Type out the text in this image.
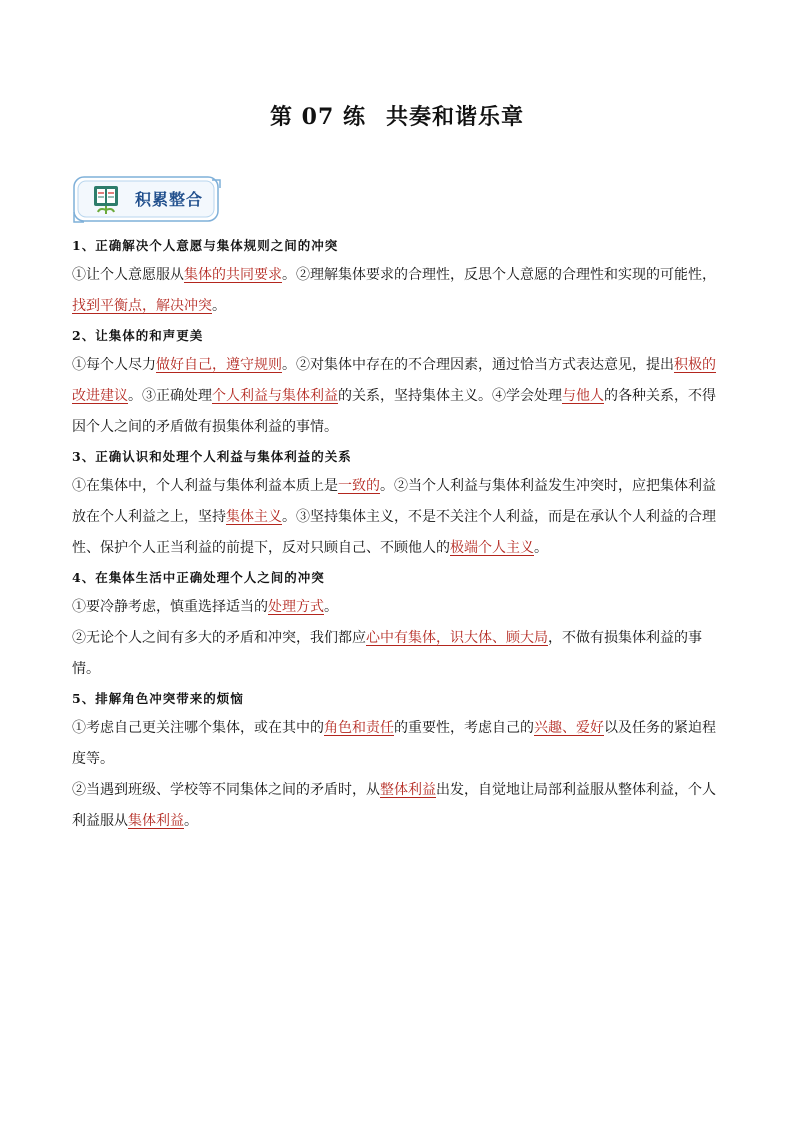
第 07 练 共奏和谐乐章
积累整合
1、正确解决个人意愿与集体规则之间的冲突

①让个人意愿服从集体的共同要求。②理解集体要求的合理性，反思个人意愿的合理性和实现的可能性，找到平衡点，解决冲突。

2、让集体的和声更美

①每个人尽力做好自己，遵守规则。②对集体中存在的不合理因素，通过恰当方式表达意见，提出积极的改进建议。③正确处理个人利益与集体利益的关系，坚持集体主义。④学会处理与他人的各种关系，不得因个人之间的矛盾做有损集体利益的事情。

3、正确认识和处理个人利益与集体利益的关系

①在集体中，个人利益与集体利益本质上是一致的。②当个人利益与集体利益发生冲突时，应把集体利益放在个人利益之上，坚持集体主义。③坚持集体主义，不是不关注个人利益，而是在承认个人利益的合理性、保护个人正当利益的前提下，反对只顾自己、不顾他人的极端个人主义。

4、在集体生活中正确处理个人之间的冲突

①要冷静考虑，慎重选择适当的处理方式。

②无论个人之间有多大的矛盾和冲突，我们都应心中有集体，识大体、顾大局，不做有损集体利益的事情。

5、排解角色冲突带来的烦恼

①考虑自己更关注哪个集体，或在其中的角色和责任的重要性，考虑自己的兴趣、爱好以及任务的紧迫程度等。

②当遇到班级、学校等不同集体之间的矛盾时，从整体利益出发，自觉地让局部利益服从整体利益，个人利益服从集体利益。
